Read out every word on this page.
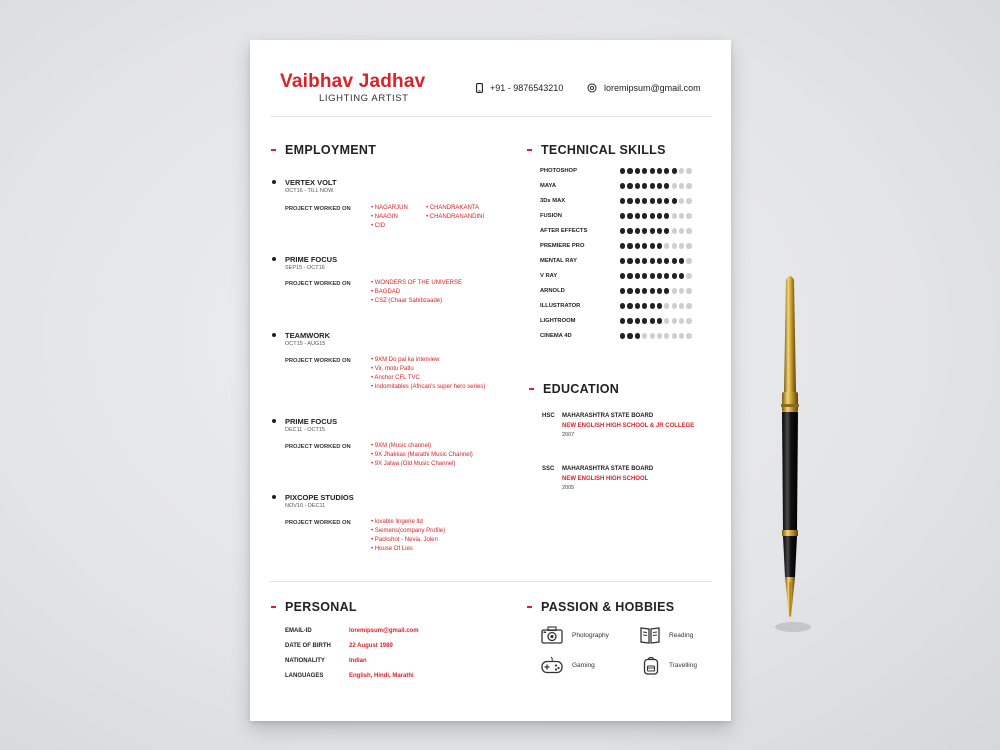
Vaibhav Jadhav
LIGHTING ARTIST
+91 - 9876543210	loremipsum@gmail.com
EMPLOYMENT
VERTEX VOLT
OCT16 - TILL NOW
PROJECT WORKED ON	• NAGARJUN
• NAAGIN
• CID
• CHANDRAKANTA
• CHANDRANANDINI
PRIME FOCUS
SEP15 - OCT16
PROJECT WORKED ON	• WONDERS OF THE UNIVERSE
• BAGDAD
• CSZ (Chaar Sahibzaade)
TEAMWORK
OCT15 - AUG15
PROJECT WORKED ON	• 9XM Do pal ka interview
• Vir, motu Patlu
• Anchor CFL TVC
• Indomitables (African's super hero series)
PRIME FOCUS
DEC11 - OCT15
PROJECT WORKED ON	• 9XM (Music channel)
• 9X Jhakkas (Marathi Music Channel)
• 9X Jalwa (Old Music Channel)
PIXCOPE STUDIOS
NOV10 - DEC11
PROJECT WORKED ON	• lovable lingerie ltd
• Siemens(company Profile)
• Packshot - Nevia, Jolen
• House Of Lies
TECHNICAL SKILLS
PHOTOSHOP
MAYA
3Ds MAX
FUSION
AFTER EFFECTS
PREMIERE PRO
MENTAL RAY
V RAY
ARNOLD
ILLUSTRATOR
LIGHTROOM
CINEMA 4D
EDUCATION
HSC MAHARASHTRA STATE BOARD
NEW ENGLISH HIGH SCHOOL & JR COLLEGE
2007
SSC MAHARASHTRA STATE BOARD
NEW ENGLISH HIGH SCHOOL
2005
PERSONAL
EMAIL-ID	loremipsum@gmail.com
DATE OF BIRTH	22 August 1989
NATIONALITY	Indian
LANGUAGES	English, Hindi, Marathi
PASSION & HOBBIES
Photography	Reading
Gaming	Travelling
